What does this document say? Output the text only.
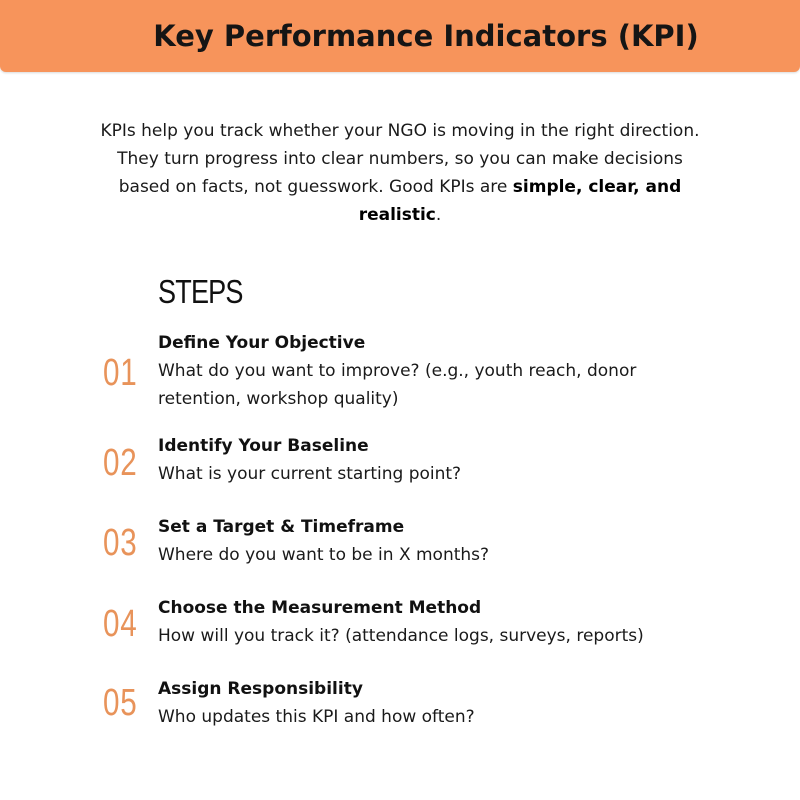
Key Performance Indicators (KPI)
KPIs help you track whether your NGO is moving in the right direction. They turn progress into clear numbers, so you can make decisions based on facts, not guesswork. Good KPIs are simple, clear, and realistic.
STEPS
01
Define Your Objective
What do you want to improve? (e.g., youth reach, donor retention, workshop quality)
02 Identify Your Baseline
What is your current starting point?
03 Set a Target & Timeframe
Where do you want to be in X months?
04 Choose the Measurement Method
How will you track it? (attendance logs, surveys, reports)
05 Assign Responsibility
Who updates this KPI and how often?
